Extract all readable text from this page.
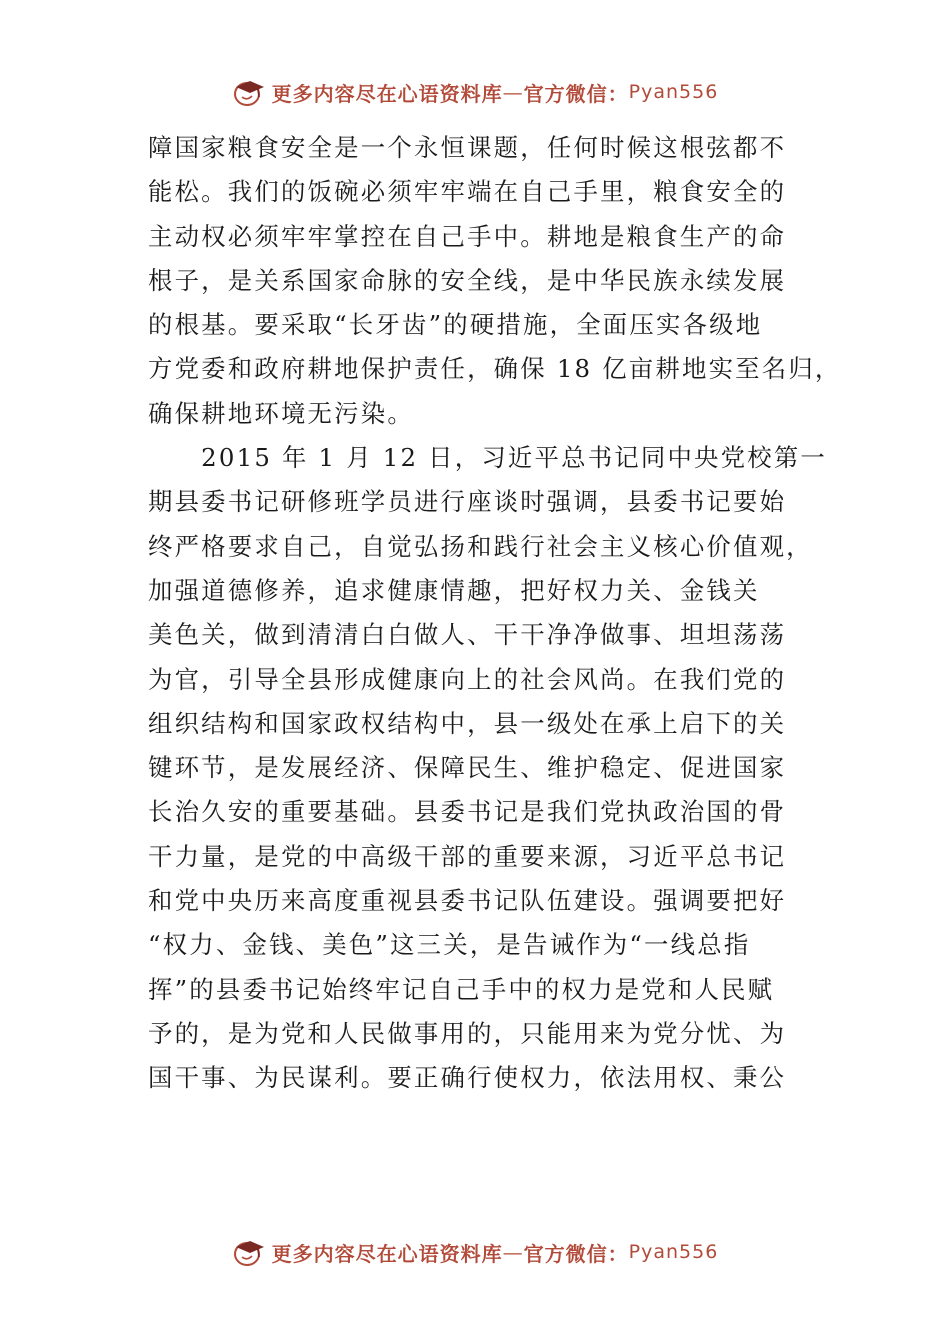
更多内容尽在心语资料库 — 官方微信： Pyan556
障国家粮食安全是一个永恒课题，任何时候这根弦都不
能松。我们的饭碗必须牢牢端在自己手里，粮食安全的
主动权必须牢牢掌控在自己手中。耕地是粮食生产的命
根子，是关系国家命脉的安全线，是中华民族永续发展
的根基。要采取“长牙齿”的硬措施，全面压实各级地
方党委和政府耕地保护责任，确保 18 亿亩耕地实至名归，
确保耕地环境无污染。
　　2015 年 1 月 12 日，习近平总书记同中央党校第一
期县委书记研修班学员进行座谈时强调，县委书记要始
终严格要求自己，自觉弘扬和践行社会主义核心价值观，
加强道德修养，追求健康情趣，把好权力关、金钱关
美色关，做到清清白白做人、干干净净做事、坦坦荡荡
为官，引导全县形成健康向上的社会风尚。在我们党的
组织结构和国家政权结构中，县一级处在承上启下的关
键环节，是发展经济、保障民生、维护稳定、促进国家
长治久安的重要基础。县委书记是我们党执政治国的骨
干力量，是党的中高级干部的重要来源，习近平总书记
和党中央历来高度重视县委书记队伍建设。强调要把好
“权力、金钱、美色”这三关，是告诫作为“一线总指
挥”的县委书记始终牢记自己手中的权力是党和人民赋
予的，是为党和人民做事用的，只能用来为党分忧、为
国干事、为民谋利。要正确行使权力，依法用权、秉公
更多内容尽在心语资料库 — 官方微信： Pyan556
